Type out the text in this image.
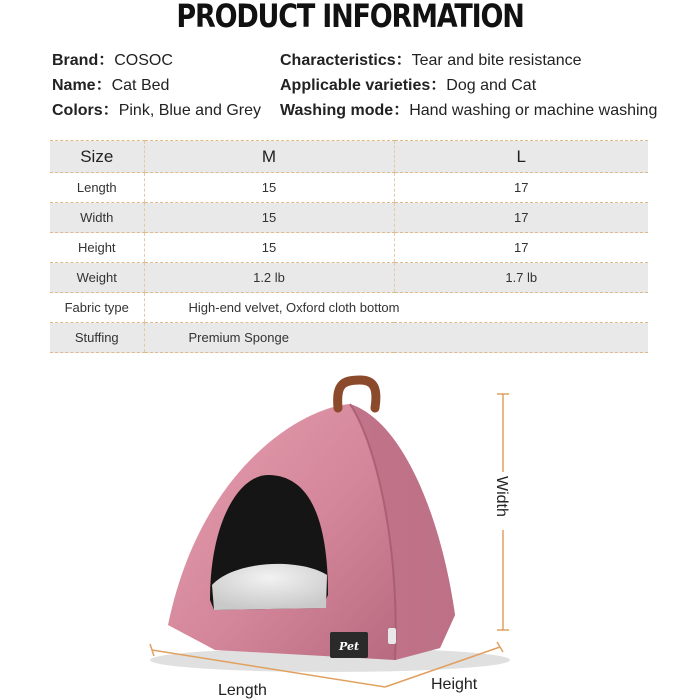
PRODUCT INFORMATION
Brand：COSOC
Name：Cat Bed
Colors：Pink, Blue and Grey
Characteristics：Tear and bite resistance
Applicable varieties：Dog and Cat
Washing mode：Hand washing or machine washing
Size	M	L
Length	15	17
Width	15	17
Height	15	17
Weight	1.2 lb	1.7 lb
Fabric type	High-end velvet, Oxford cloth bottom	
Stuffing	Premium Sponge	
Pet
Width
Length	Height
